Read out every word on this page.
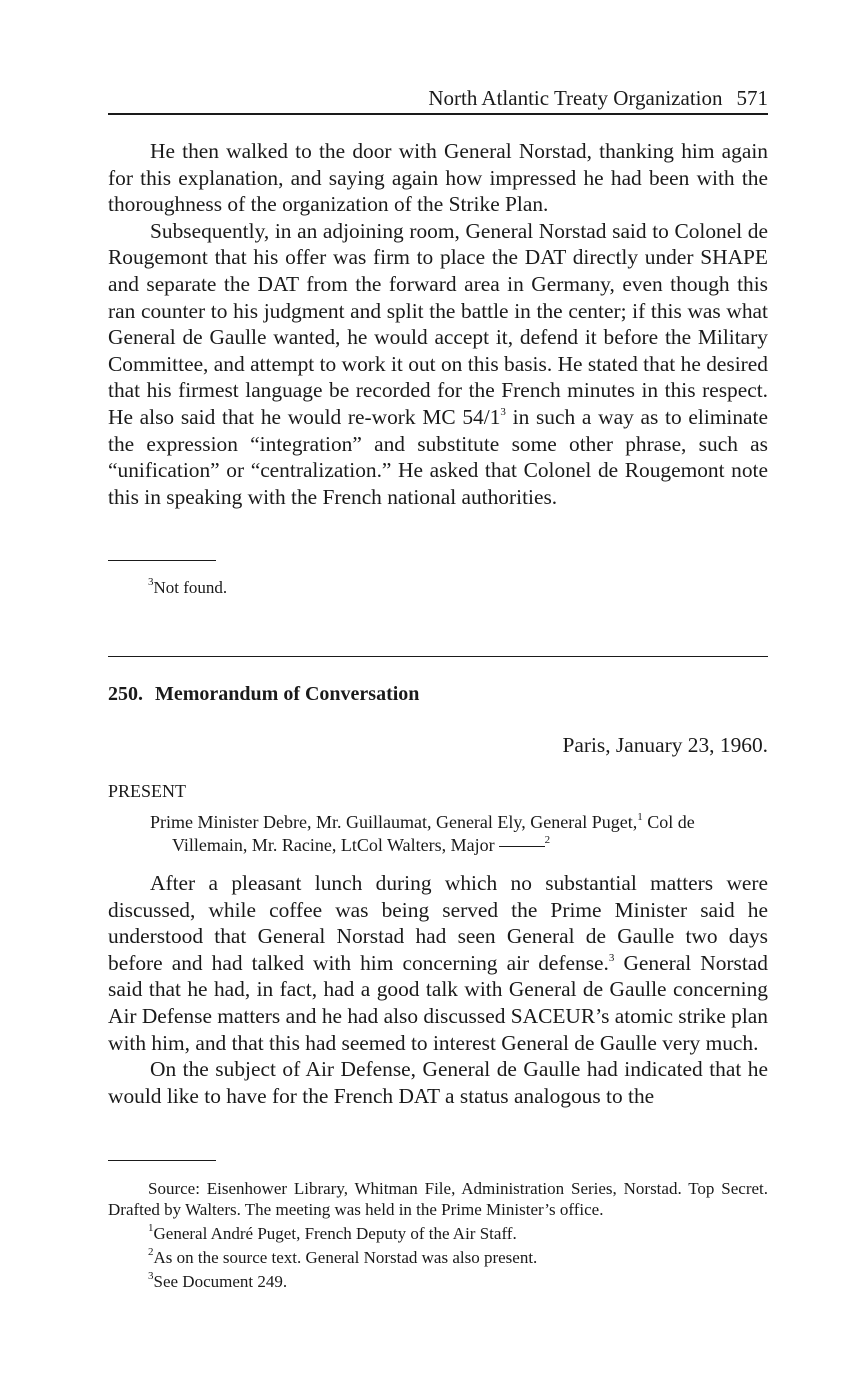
North Atlantic Treaty Organization 571

He then walked to the door with General Norstad, thanking him again for this explanation, and saying again how impressed he had been with the thoroughness of the organization of the Strike Plan.

Subsequently, in an adjoining room, General Norstad said to Colonel de Rougemont that his offer was firm to place the DAT directly under SHAPE and separate the DAT from the forward area in Germany, even though this ran counter to his judgment and split the battle in the center; if this was what General de Gaulle wanted, he would accept it, defend it before the Military Committee, and attempt to work it out on this basis. He stated that he desired that his firmest language be recorded for the French minutes in this respect. He also said that he would re-work MC $54/1^3$ in such a way as to eliminate the expression “integration” and substitute some other phrase, such as “unification” or “centralization.” He asked that Colonel de Rougemont note this in speaking with the French national authorities.

$^3$Not found.
250. Memorandum of Conversation
Paris, January 23, 1960.
PRESENT
Prime Minister Debre, Mr. Guillaumat, General Ely, General Puget,$^1$ Col de
Villemain, Mr. Racine, LtCol Walters, Major	$^2$

After a pleasant lunch during which no substantial matters were discussed, while coffee was being served the Prime Minister said he understood that General Norstad had seen General de Gaulle two days before and had talked with him concerning air defense.$^3$ General Norstad said that he had, in fact, had a good talk with General de Gaulle concerning Air Defense matters and he had also discussed SACEUR’s atomic strike plan with him, and that this had seemed to interest General de Gaulle very much.

On the subject of Air Defense, General de Gaulle had indicated that he would like to have for the French DAT a status analogous to the

Source: Eisenhower Library, Whitman File, Administration Series, Norstad. Top Secret. Drafted by Walters. The meeting was held in the Prime Minister’s office.

$^1$General André Puget, French Deputy of the Air Staff.

$^2$As on the source text. General Norstad was also present.

$^3$See Document 249.
